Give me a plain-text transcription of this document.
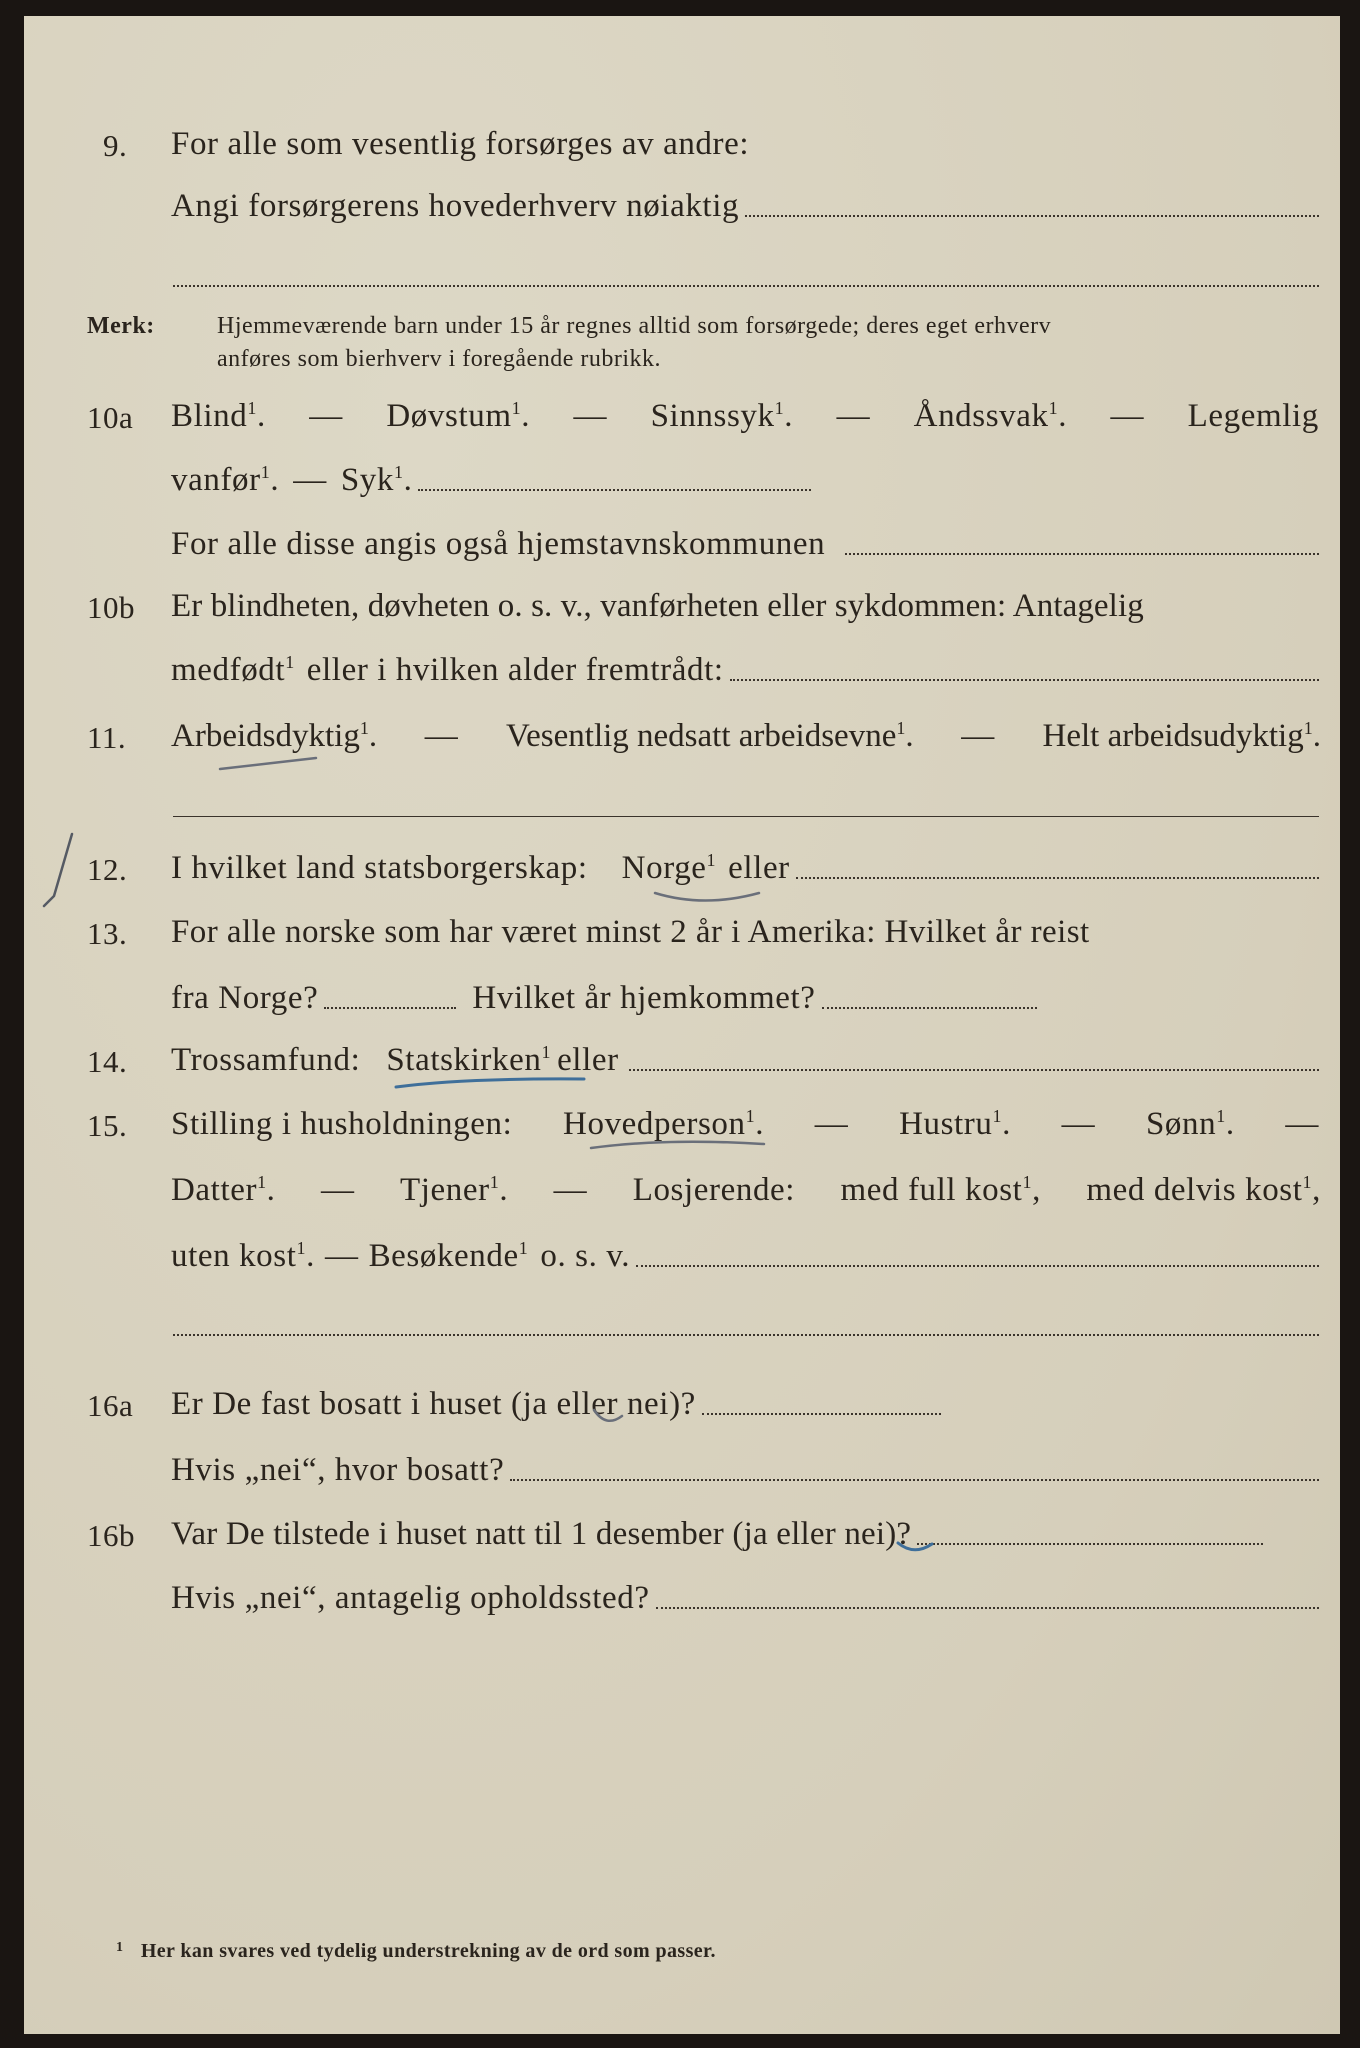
9. For alle som vesentlig forsørges av andre:
Angi forsørgerens hovederhverv nøiaktig
Merk:	Hjemmeværende barn under 15 år regnes alltid som forsørgede; deres eget erhverv
anføres som bierhverv i foregående rubrikk.
10a Blind$^1$. — Døvstum$^1$. — Sinnssyk$^1$. — Åndssvak$^1$. — Legemlig
vanfør$^1$. — Syk$^1$.
For alle disse angis også hjemstavnskommunen
10b Er blindheten, døvheten o. s. v., vanførheten eller sykdommen: Antagelig
medfødt$^1$ eller i hvilken alder fremtrådt:
11. Arbeidsdyktig$^1$. — Vesentlig nedsatt arbeidsevne$^1$. — Helt arbeidsudyktig$^1$.
12. I hvilket land statsborgerskap: Norge$^1$ eller
13. For alle norske som har været minst 2 år i Amerika: Hvilket år reist
fra Norge?	Hvilket år hjemkommet?
14. Trossamfund: Statskirken$^1$ eller
15. Stilling i husholdningen: Hovedperson$^1$. — Hustru$^1$. — Sønn$^1$. —
Datter$^1$. — Tjener$^1$. — Losjerende: med full kost$^1$, med delvis kost$^1$,
uten kost$^1$. — Besøkende$^1$ o. s. v.
16a Er De fast bosatt i huset (ja eller nei)?
Hvis „nei“, hvor bosatt?
16b Var De tilstede i huset natt til 1 desember (ja eller nei)?
Hvis „nei“, antagelig opholdssted?
$^1$ Her kan svares ved tydelig understrekning av de ord som passer.
